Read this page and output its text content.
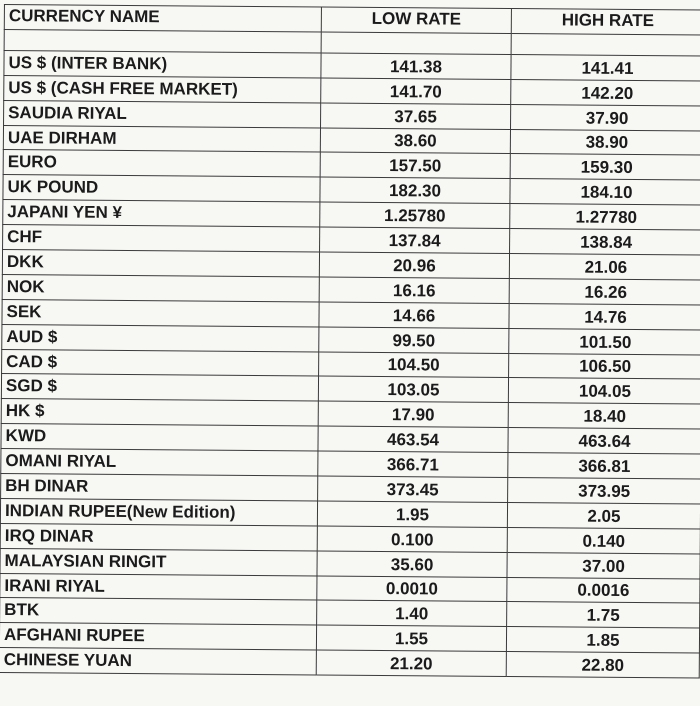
CURRENCY NAME	LOW RATE	HIGH RATE

US $ (INTER BANK)	141.38	141.41
US $ (CASH FREE MARKET)	141.70	142.20
SAUDIA RIYAL	37.65	37.90
UAE DIRHAM	38.60	38.90
EURO	157.50	159.30
UK POUND	182.30	184.10
JAPANI YEN ¥	1.25780	1.27780
CHF	137.84	138.84
DKK	20.96	21.06
NOK	16.16	16.26
SEK	14.66	14.76
AUD $	99.50	101.50
CAD $	104.50	106.50
SGD $	103.05	104.05
HK $	17.90	18.40
KWD	463.54	463.64
OMANI RIYAL	366.71	366.81
BH DINAR	373.45	373.95
INDIAN RUPEE(New Edition)	1.95	2.05
IRQ DINAR	0.100	0.140
MALAYSIAN RINGIT	35.60	37.00
IRANI RIYAL	0.0010	0.0016
BTK	1.40	1.75
AFGHANI RUPEE	1.55	1.85
CHINESE YUAN	21.20	22.80
